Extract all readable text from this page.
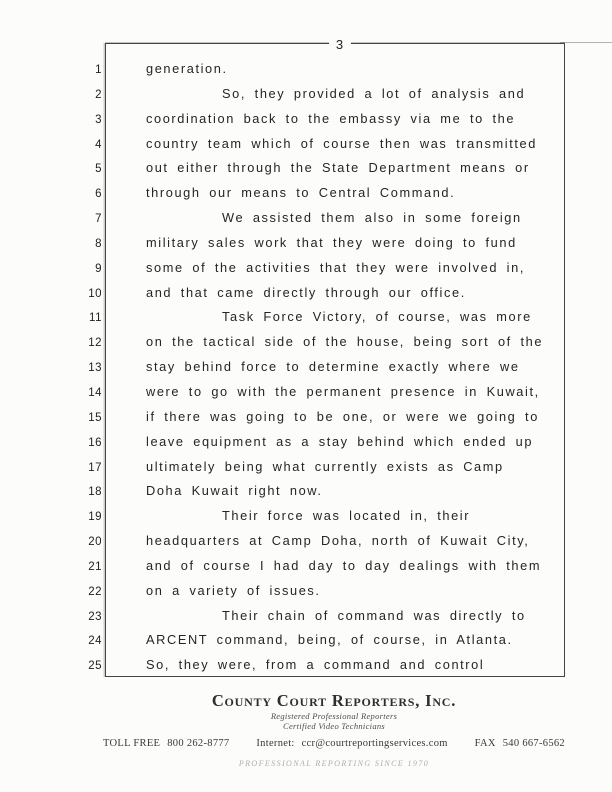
3
1	generation.
2	So, they provided a lot of analysis and
3	coordination back to the embassy via me to the
4	country team which of course then was transmitted
5	out either through the State Department means or
6	through our means to Central Command.
7	We assisted them also in some foreign
8	military sales work that they were doing to fund
9	some of the activities that they were involved in,
10	and that came directly through our office.
11	Task Force Victory, of course, was more
12	on the tactical side of the house, being sort of the
13	stay behind force to determine exactly where we
14	were to go with the permanent presence in Kuwait,
15	if there was going to be one, or were we going to
16	leave equipment as a stay behind which ended up
17	ultimately being what currently exists as Camp
18	Doha Kuwait right now.
19	Their force was located in, their
20	headquarters at Camp Doha, north of Kuwait City,
21	and of course I had day to day dealings with them
22	on a variety of issues.
23	Their chain of command was directly to
24	ARCENT command, being, of course, in Atlanta.
25	So, they were, from a command and control
County Court Reporters, Inc.
Registered Professional Reporters
Certified Video Technicians
TOLL FREE 800 262-8777	Internet: ccr@courtreportingservices.com	FAX 540 667-6562
PROFESSIONAL REPORTING SINCE 1970
